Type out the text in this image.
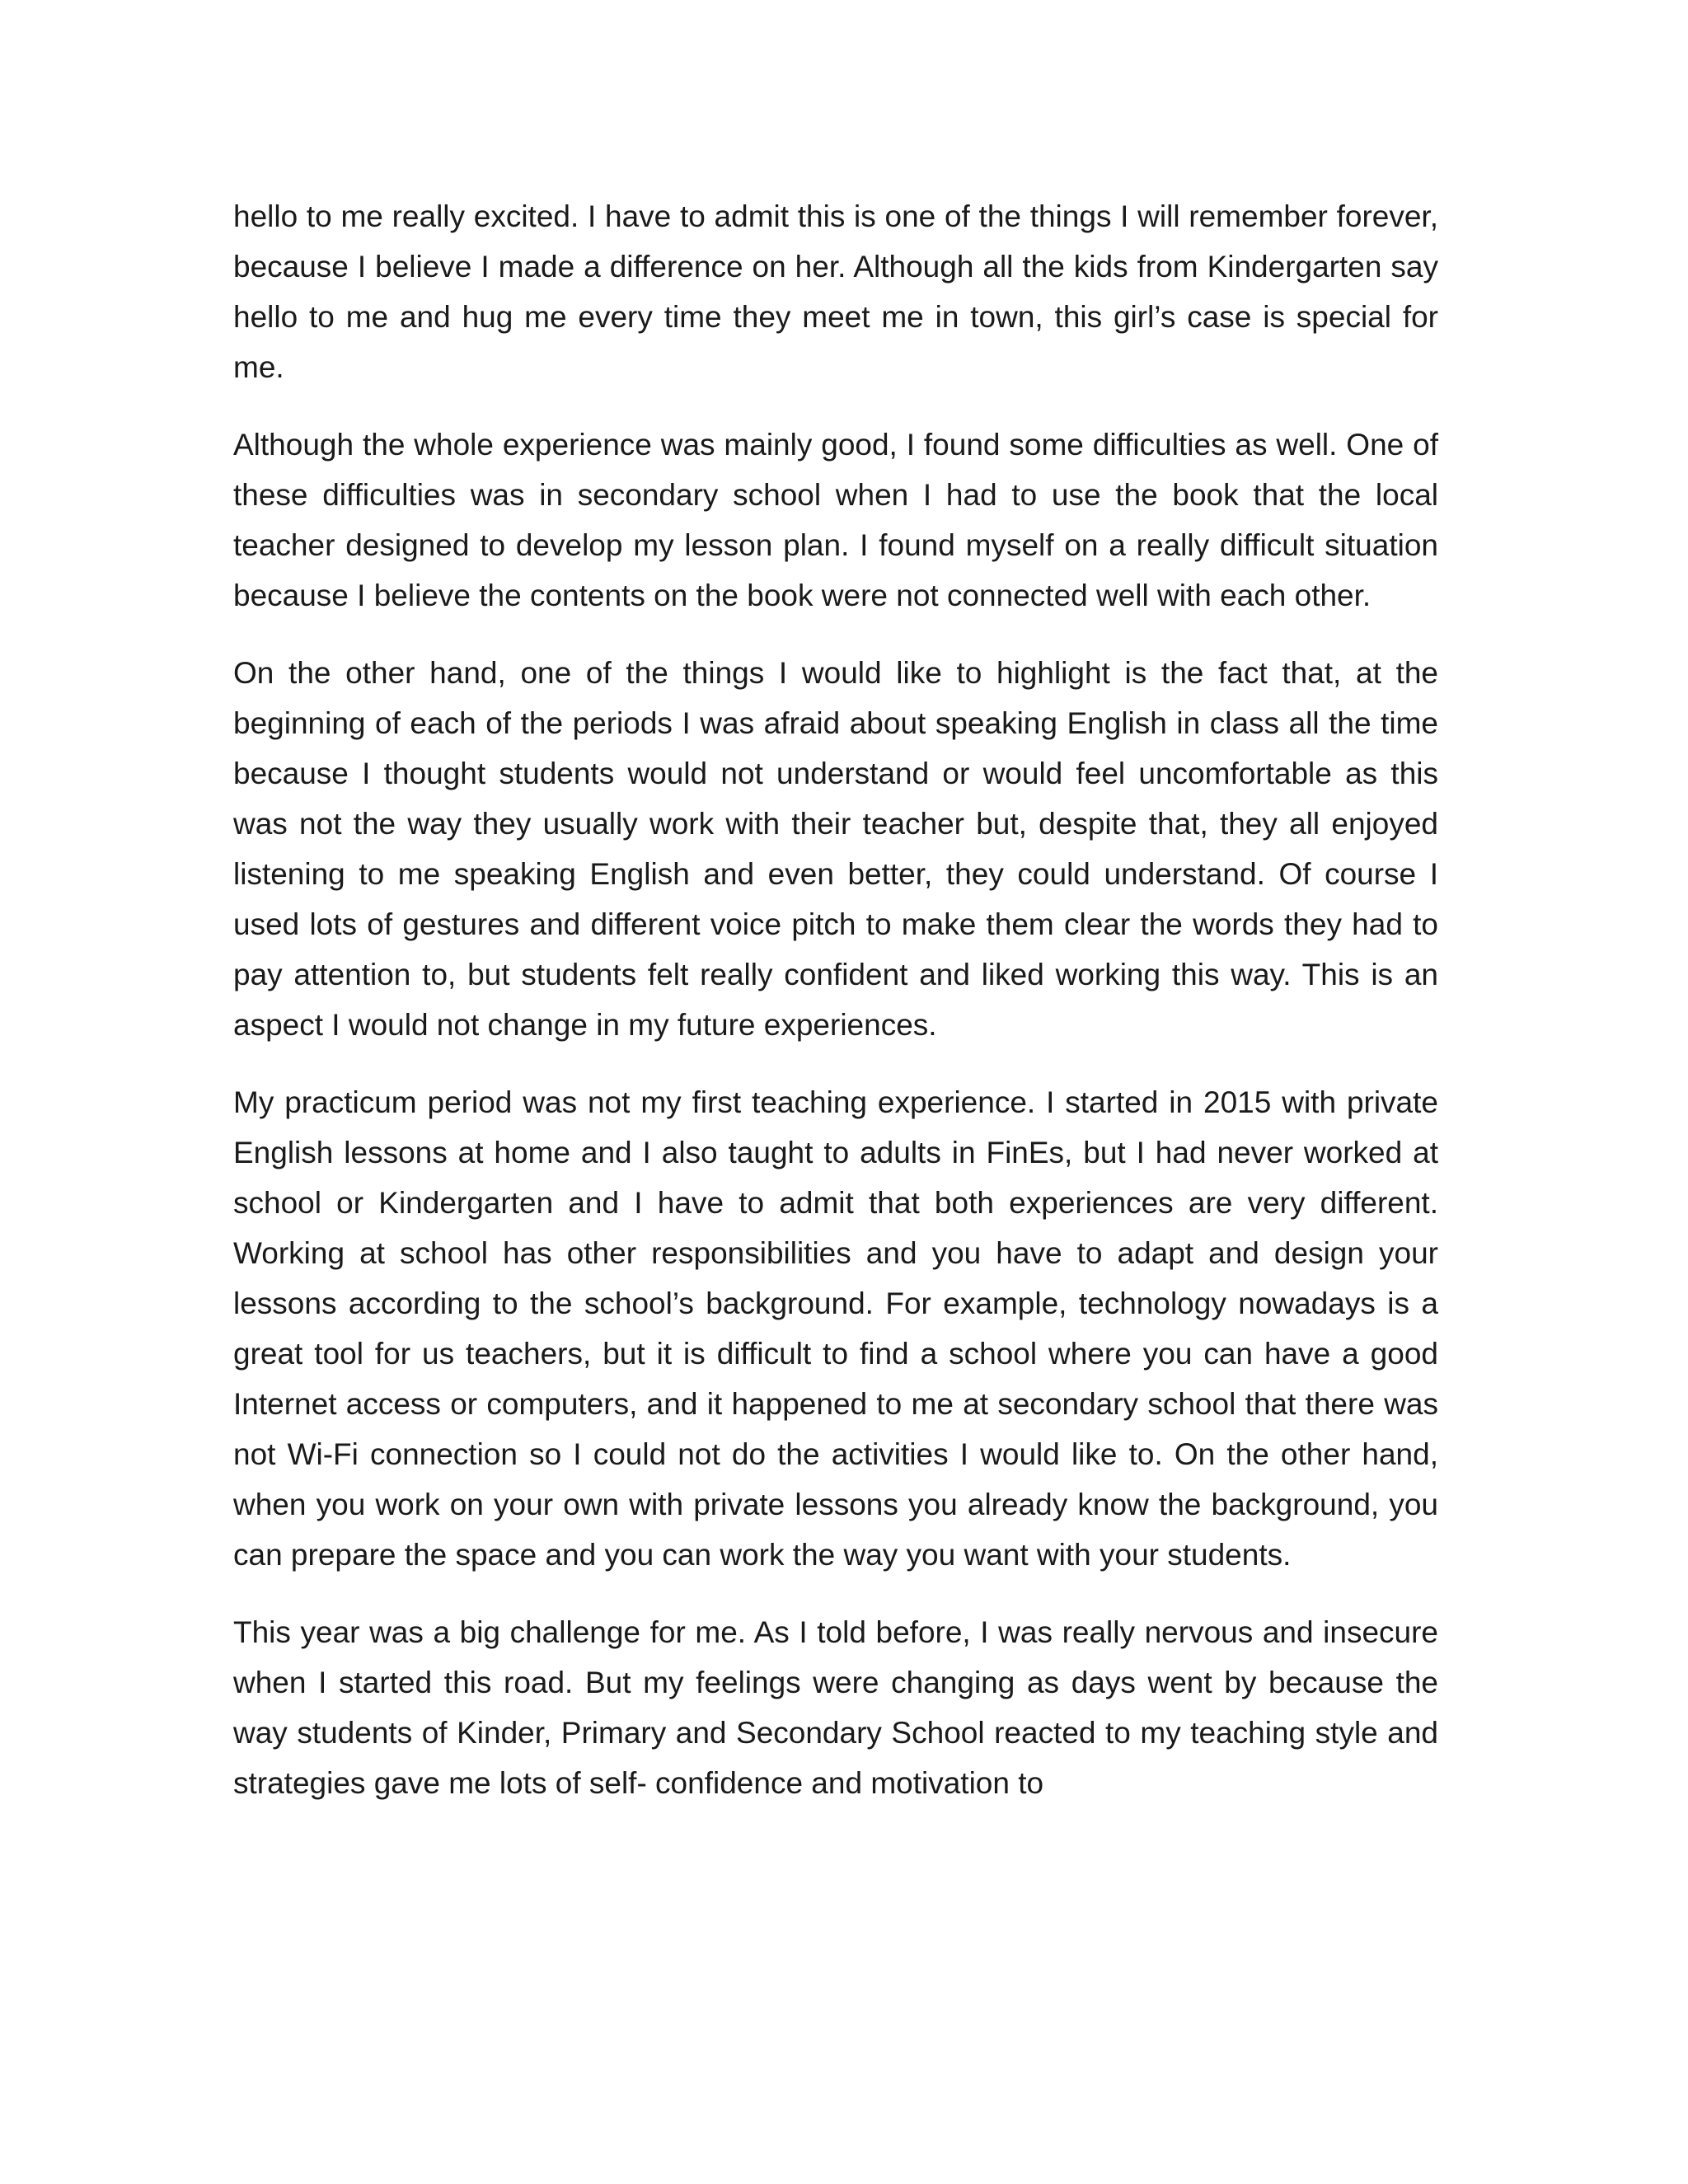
hello to me really excited. I have to admit this is one of the things I will remember forever, because I believe I made a difference on her. Although all the kids from Kindergarten say hello to me and hug me every time they meet me in town, this girl’s case is special for me.

Although the whole experience was mainly good, I found some difficulties as well. One of these difficulties was in secondary school when I had to use the book that the local teacher designed to develop my lesson plan. I found myself on a really difficult situation because I believe the contents on the book were not connected well with each other.

On the other hand, one of the things I would like to highlight is the fact that, at the beginning of each of the periods I was afraid about speaking English in class all the time because I thought students would not understand or would feel uncomfortable as this was not the way they usually work with their teacher but, despite that, they all enjoyed listening to me speaking English and even better, they could understand. Of course I used lots of gestures and different voice pitch to make them clear the words they had to pay attention to, but students felt really confident and liked working this way. This is an aspect I would not change in my future experiences.

My practicum period was not my first teaching experience. I started in 2015 with private English lessons at home and I also taught to adults in FinEs, but I had never worked at school or Kindergarten and I have to admit that both experiences are very different. Working at school has other responsibilities and you have to adapt and design your lessons according to the school’s background. For example, technology nowadays is a great tool for us teachers, but it is difficult to find a school where you can have a good Internet access or computers, and it happened to me at secondary school that there was not Wi-Fi connection so I could not do the activities I would like to. On the other hand, when you work on your own with private lessons you already know the background, you can prepare the space and you can work the way you want with your students.

This year was a big challenge for me. As I told before, I was really nervous and insecure when I started this road. But my feelings were changing as days went by because the way students of Kinder, Primary and Secondary School reacted to my teaching style and strategies gave me lots of self- confidence and motivation to
